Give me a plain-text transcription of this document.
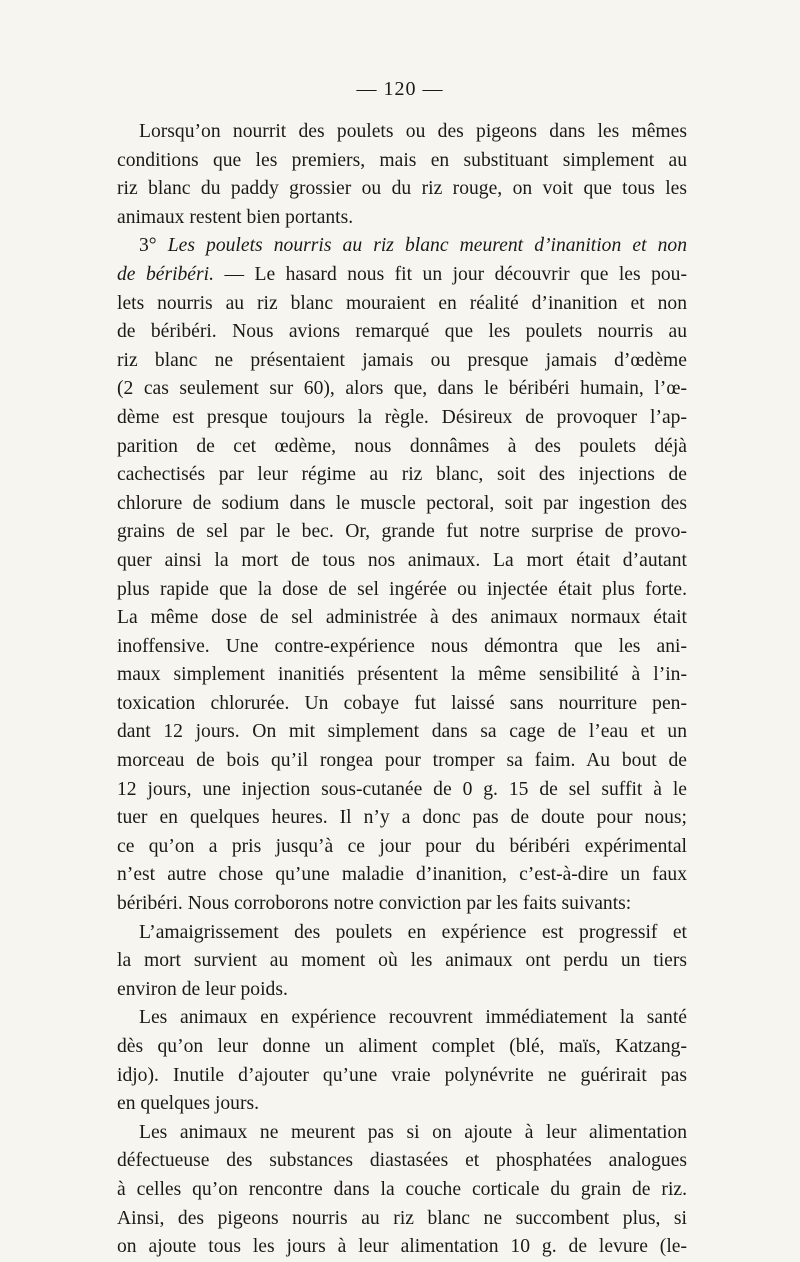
— 120 —
Lorsqu’on nourrit des poulets ou des pigeons dans les mêmes
conditions que les premiers, mais en substituant simplement au
riz blanc du paddy grossier ou du riz rouge, on voit que tous les
animaux restent bien portants.
3° Les poulets nourris au riz blanc meurent d’inanition et non
de béribéri. — Le hasard nous fit un jour découvrir que les pou-
lets nourris au riz blanc mouraient en réalité d’inanition et non
de béribéri. Nous avions remarqué que les poulets nourris au
riz blanc ne présentaient jamais ou presque jamais d’œdème
(2 cas seulement sur 60), alors que, dans le béribéri humain, l’œ-
dème est presque toujours la règle. Désireux de provoquer l’ap-
parition de cet œdème, nous donnâmes à des poulets déjà
cachectisés par leur régime au riz blanc, soit des injections de
chlorure de sodium dans le muscle pectoral, soit par ingestion des
grains de sel par le bec. Or, grande fut notre surprise de provo-
quer ainsi la mort de tous nos animaux. La mort était d’autant
plus rapide que la dose de sel ingérée ou injectée était plus forte.
La même dose de sel administrée à des animaux normaux était
inoffensive. Une contre-expérience nous démontra que les ani-
maux simplement inanitiés présentent la même sensibilité à l’in-
toxication chlorurée. Un cobaye fut laissé sans nourriture pen-
dant 12 jours. On mit simplement dans sa cage de l’eau et un
morceau de bois qu’il rongea pour tromper sa faim. Au bout de
12 jours, une injection sous-cutanée de 0 g. 15 de sel suffit à le
tuer en quelques heures. Il n’y a donc pas de doute pour nous;
ce qu’on a pris jusqu’à ce jour pour du béribéri expérimental
n’est autre chose qu’une maladie d’inanition, c’est-à-dire un faux
béribéri. Nous corroborons notre conviction par les faits suivants:
L’amaigrissement des poulets en expérience est progressif et
la mort survient au moment où les animaux ont perdu un tiers
environ de leur poids.
Les animaux en expérience recouvrent immédiatement la santé
dès qu’on leur donne un aliment complet (blé, maïs, Katzang-
idjo). Inutile d’ajouter qu’une vraie polynévrite ne guérirait pas
en quelques jours.
Les animaux ne meurent pas si on ajoute à leur alimentation
défectueuse des substances diastasées et phosphatées analogues
à celles qu’on rencontre dans la couche corticale du grain de riz.
Ainsi, des pigeons nourris au riz blanc ne succombent plus, si
on ajoute tous les jours à leur alimentation 10 g. de levure (le-
